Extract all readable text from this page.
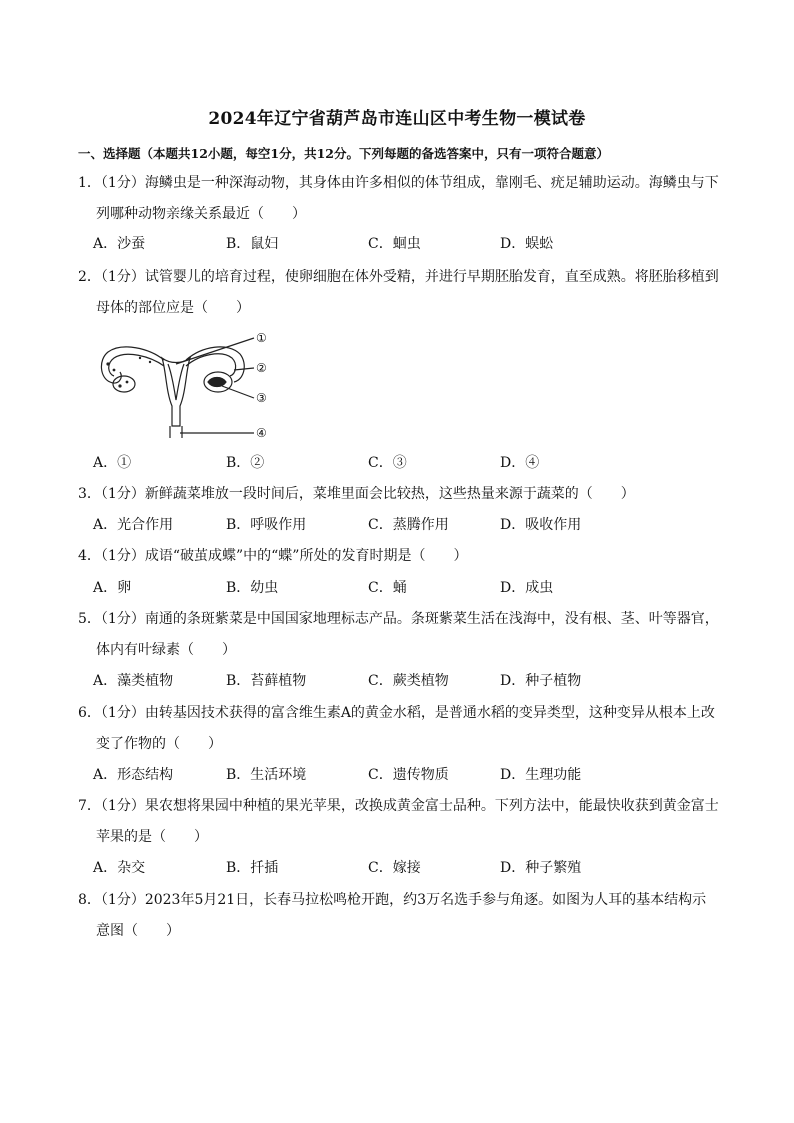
2024年辽宁省葫芦岛市连山区中考生物一模试卷
一、选择题（本题共12小题，每空1分，共12分。下列每题的备选答案中，只有一项符合题意）
1．（1分）海鳞虫是一种深海动物，其身体由许多相似的体节组成，靠刚毛、疣足辅助运动。海鳞虫与下
列哪种动物亲缘关系最近（　　）
A．沙蚕	B．鼠妇	C．蛔虫	D．蜈蚣
2．（1分）试管婴儿的培育过程，使卵细胞在体外受精，并进行早期胚胎发育，直至成熟。将胚胎移植到
母体的部位应是（　　）
①
②
③
④
A．①	B．②	C．③	D．④
3．（1分）新鲜蔬菜堆放一段时间后，菜堆里面会比较热，这些热量来源于蔬菜的（　　）
A．光合作用	B．呼吸作用	C．蒸腾作用	D．吸收作用
4．（1分）成语“破茧成蝶”中的“蝶”所处的发育时期是（　　）
A．卵	B．幼虫	C．蛹	D．成虫
5．（1分）南通的条斑紫菜是中国国家地理标志产品。条斑紫菜生活在浅海中，没有根、茎、叶等器官，
体内有叶绿素（　　）
A．藻类植物	B．苔藓植物	C．蕨类植物	D．种子植物
6．（1分）由转基因技术获得的富含维生素A的黄金水稻，是普通水稻的变异类型，这种变异从根本上改
变了作物的（　　）
A．形态结构	B．生活环境	C．遗传物质	D．生理功能
7．（1分）果农想将果园中种植的果光苹果，改换成黄金富士品种。下列方法中，能最快收获到黄金富士
苹果的是（　　）
A．杂交	B．扦插	C．嫁接	D．种子繁殖
8．（1分）2023年5月21日，长春马拉松鸣枪开跑，约3万名选手参与角逐。如图为人耳的基本结构示
意图（　　）
